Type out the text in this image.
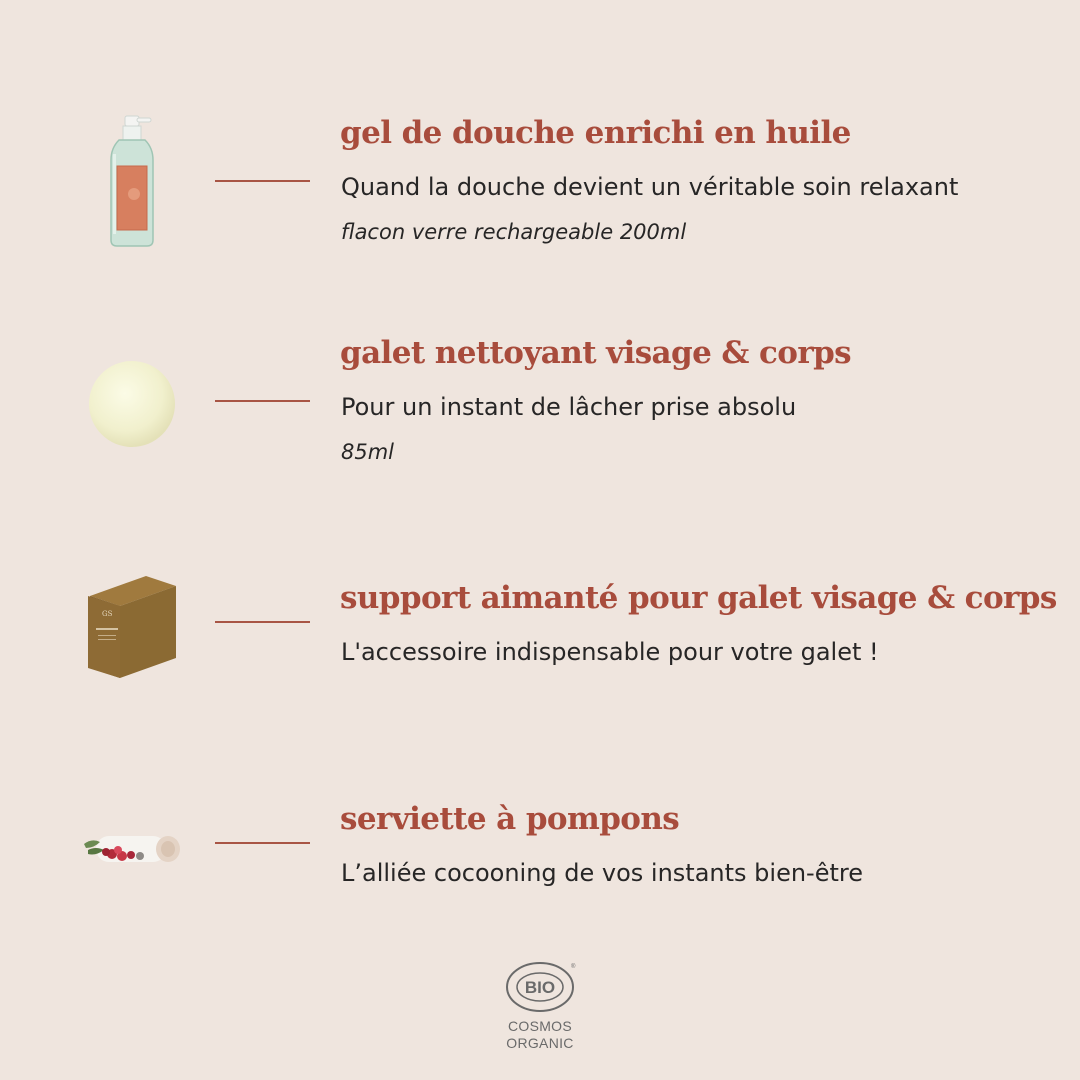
gel de douche enrichi en huile

Quand la douche devient un véritable soin relaxant

flacon verre rechargeable 200ml

galet nettoyant visage & corps

Pour un instant de lâcher prise absolu

85ml

GS	support aimanté pour galet visage & corps

L'accessoire indispensable pour votre galet !

serviette à pompons

L’alliée cocooning de vos instants bien-être

BIO
®
COSMOS
ORGANIC
